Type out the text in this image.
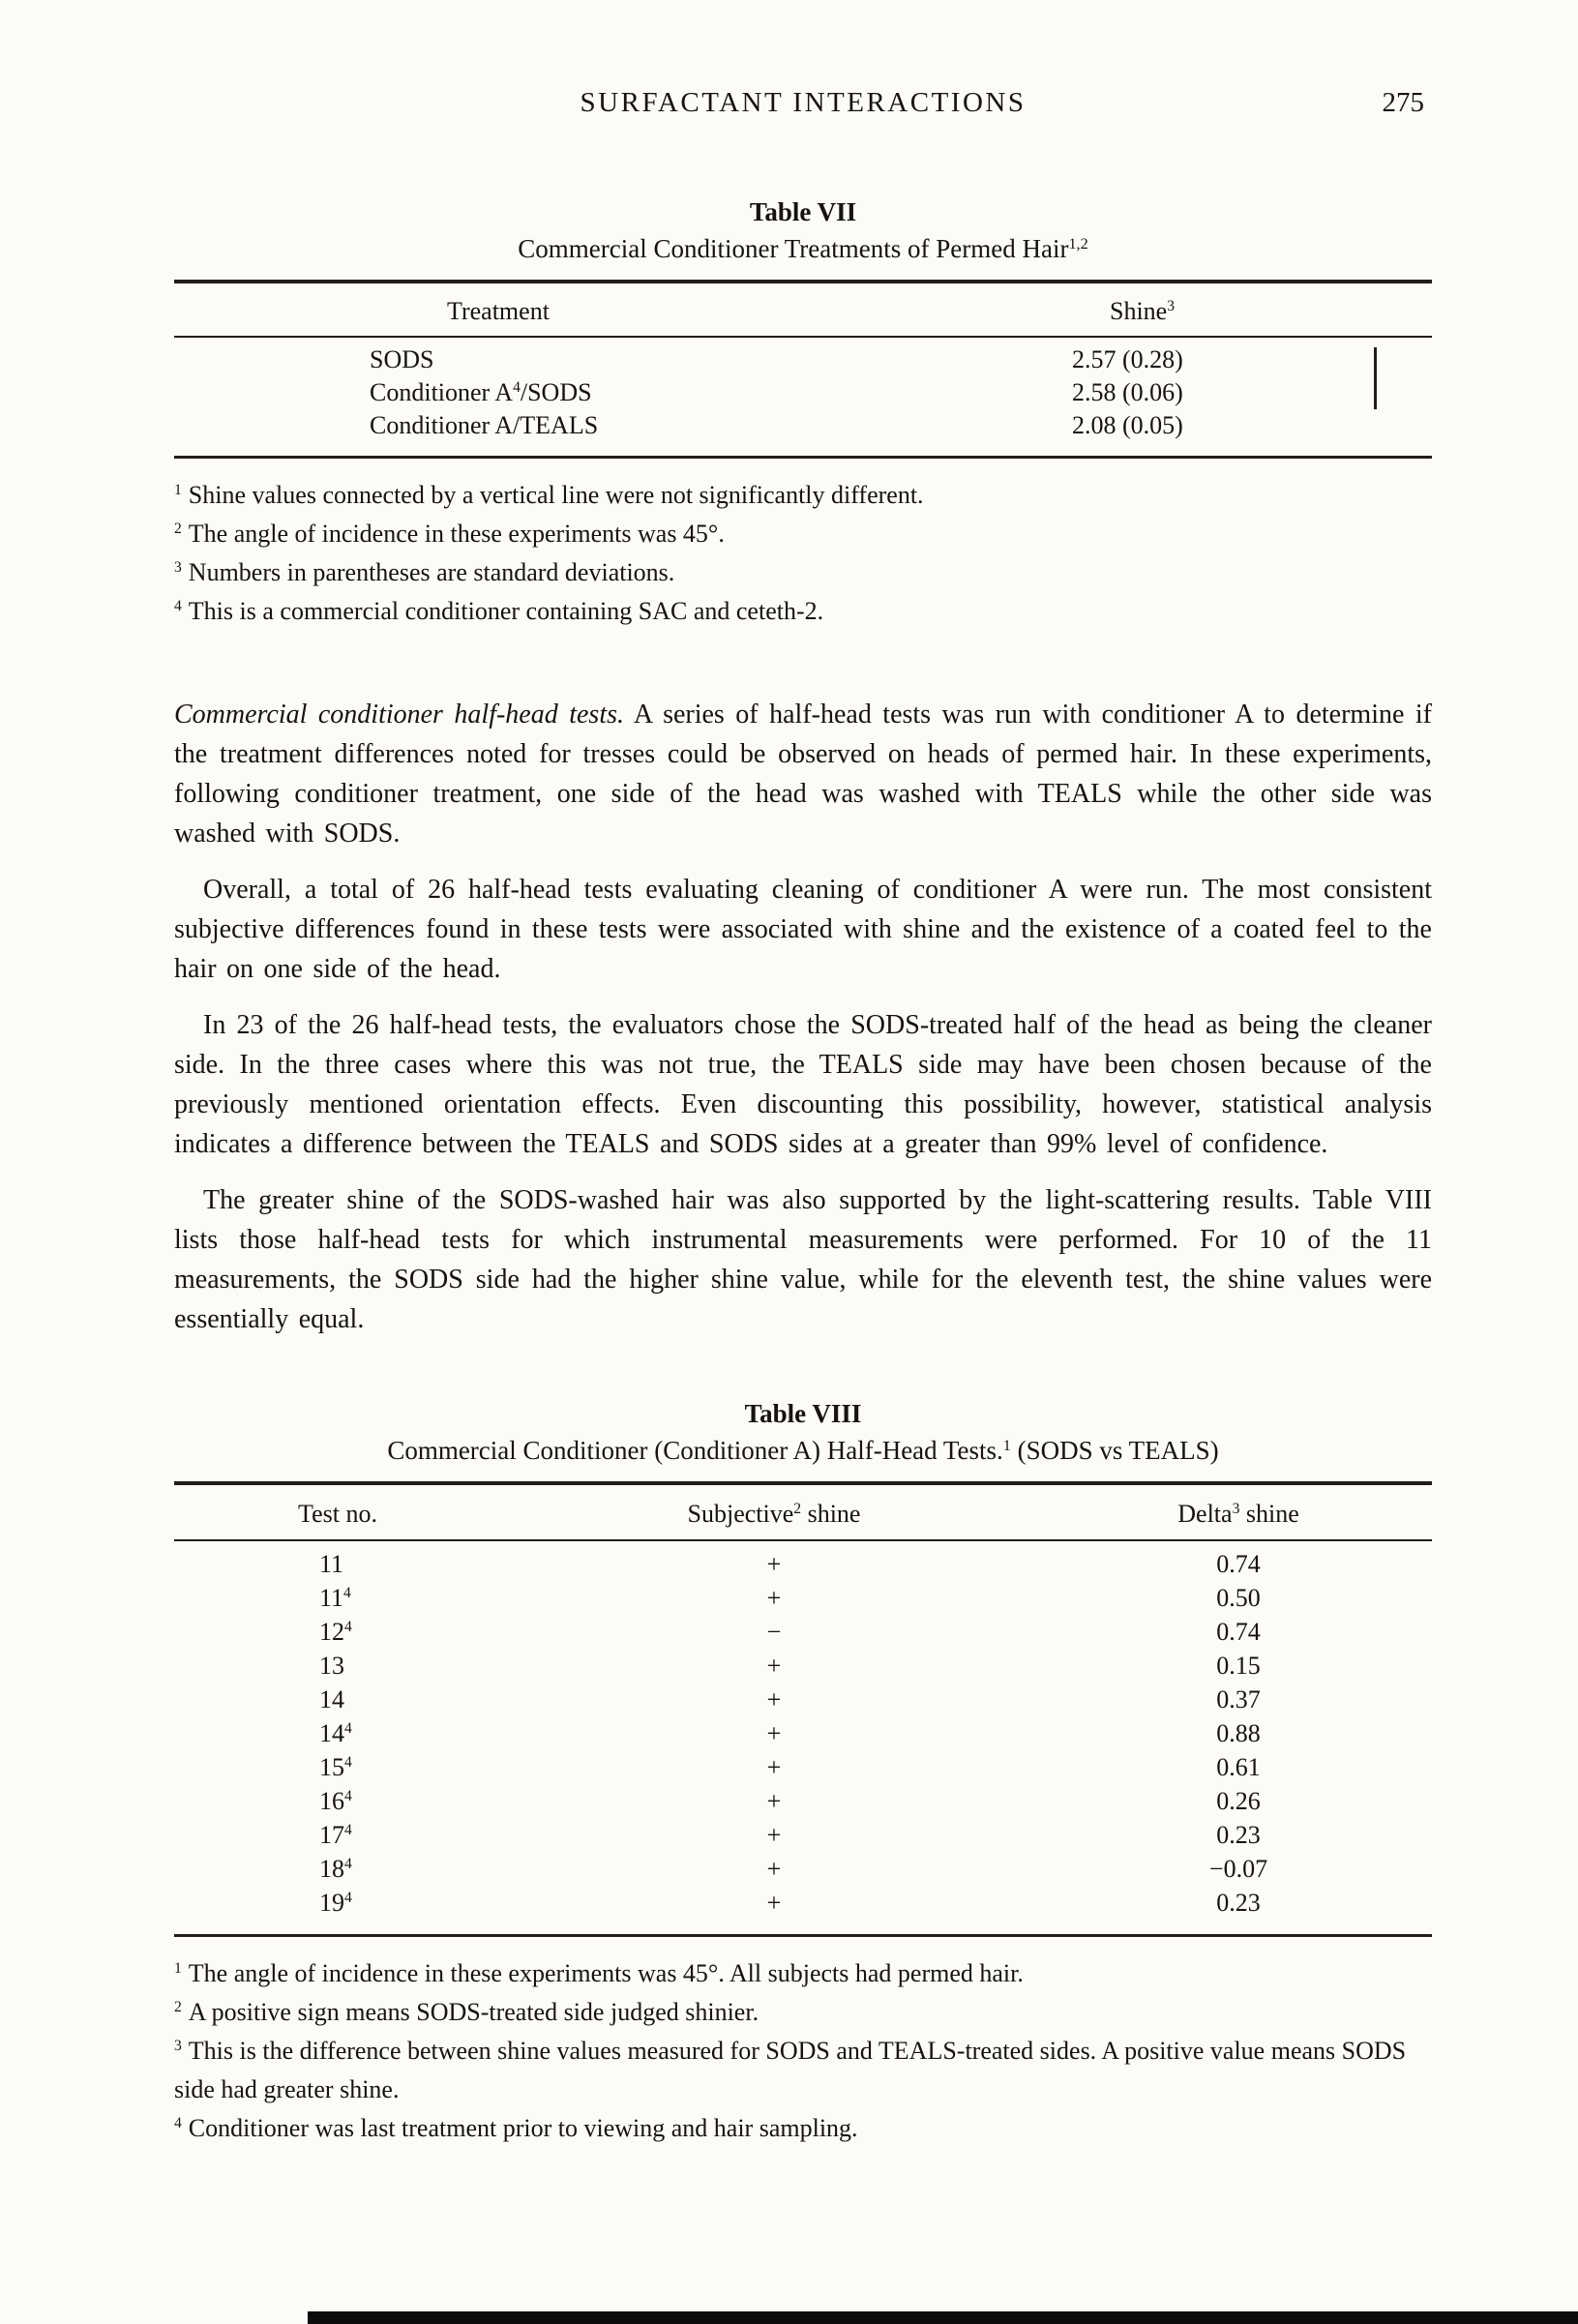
SURFACTANT INTERACTIONS	275
Table VII
Commercial Conditioner Treatments of Permed Hair$^{1,2}$
Treatment	Shine$^3$
SODS	2.57 (0.28)
Conditioner $A^4$/SODS	2.58 (0.06)
Conditioner A/TEALS	2.08 (0.05)

$^1$ Shine values connected by a vertical line were not significantly different.

$^2$ The angle of incidence in these experiments was 45°.

$^3$ Numbers in parentheses are standard deviations.

$^4$ This is a commercial conditioner containing SAC and ceteth-2.

Commercial conditioner half-head tests. A series of half-head tests was run with conditioner A to determine if the treatment differences noted for tresses could be observed on heads of permed hair. In these experiments, following conditioner treatment, one side of the head was washed with TEALS while the other side was washed with SODS.

Overall, a total of 26 half-head tests evaluating cleaning of conditioner A were run. The most consistent subjective differences found in these tests were associated with shine and the existence of a coated feel to the hair on one side of the head.

In 23 of the 26 half-head tests, the evaluators chose the SODS-treated half of the head as being the cleaner side. In the three cases where this was not true, the TEALS side may have been chosen because of the previously mentioned orientation effects. Even discounting this possibility, however, statistical analysis indicates a difference between the TEALS and SODS sides at a greater than 99% level of confidence.

The greater shine of the SODS-washed hair was also supported by the light-scattering results. Table VIII lists those half-head tests for which instrumental measurements were performed. For 10 of the 11 measurements, the SODS side had the higher shine value, while for the eleventh test, the shine values were essentially equal.

Table VIII
Commercial Conditioner (Conditioner A) Half-Head Tests.$^1$ (SODS vs TEALS)
Test no.	Subjective$^2$ shine	Delta$^3$ shine
11	+	0.74
$11^4$	+	0.50
$12^4$	−	0.74
13	+	0.15
14	+	0.37
$14^4$	+	0.88
$15^4$	+	0.61
$16^4$	+	0.26
$17^4$	+	0.23
$18^4$	+	−0.07
$19^4$	+	0.23

$^1$ The angle of incidence in these experiments was 45°. All subjects had permed hair.

$^2$ A positive sign means SODS-treated side judged shinier.

$^3$ This is the difference between shine values measured for SODS and TEALS-treated sides. A positive value means SODS side had greater shine.

$^4$ Conditioner was last treatment prior to viewing and hair sampling.
